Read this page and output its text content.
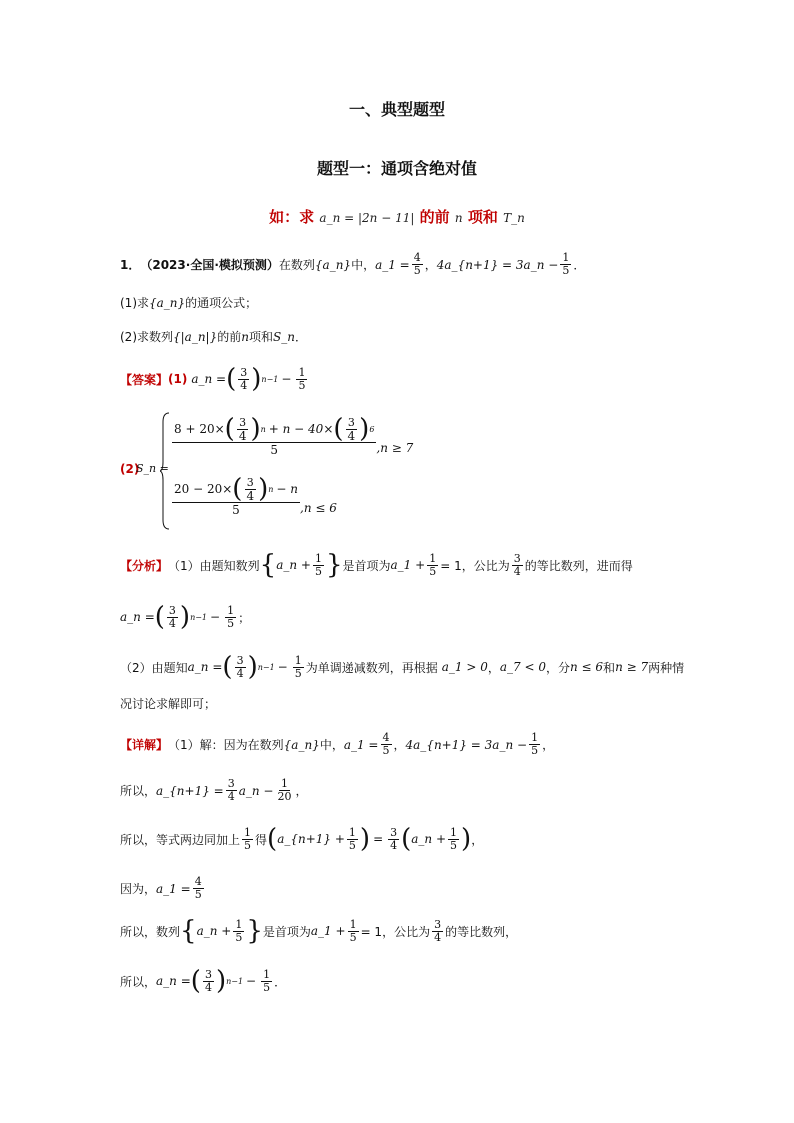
一、典型题型
题型一：通项含绝对值
如：求 a_n = |2n − 11| 的前 n 项和 T_n
1． （2023·全国·模拟预测） 在数列 {a_n} 中， a_1 = $\frac{4}{5}$ ， 4a_{n+1} = 3a_n − $\frac{1}{5}$ ．
(1)求 {a_n} 的通项公式；
(2)求数列 {|a_n|} 的前 n 项和 S_n ．
【答案】 (1) a_n = ( $\frac{3}{4}$ ) $n-1 - \frac{1}{5}$
(2)
S_n =
8 + 20× ( $\frac{3}{4}$ ) n + n − 40× ( $\frac{3}{4}$ ) 6
5	,n ≥ 7
20 − 20× ( $\frac{3}{4}$ ) n − n
5	,n ≤ 6
【分析】 （1）由题知数列 { a_n + $\frac{1}{5}$ } 是首项为 a_1 + $\frac{1}{5} = 1$，公比为 $\frac{3}{4}$ 的等比数列，进而得
a_n = ( $\frac{3}{4}$ ) $n-1 - \frac{1}{5}$ ；
（2）由题知 a_n = ( $\frac{3}{4}$ ) $n-1 - \frac{1}{5}$ 为单调递减数列，再根据 a_1 > 0 ， a_7 < 0 ，分 n ≤ 6 和 n ≥ 7 两种情
况讨论求解即可；
【详解】 （1）解：因为在数列 {a_n} 中， a_1 = $\frac{4}{5}$ ， 4a_{n+1} = 3a_n − $\frac{1}{5}$ ，
所以， a_{n+1} = $\frac{3}{4}$ a_n − $\frac{1}{20}$ ，
所以，等式两边同加上 $\frac{1}{5}$ 得 ( a_{n+1} + $\frac{1}{5}$ ) = $\frac{3}{4}$ ( a_n + $\frac{1}{5}$ ) ，
因为， a_1 = $\frac{4}{5}$
所以，数列 { a_n + $\frac{1}{5}$ } 是首项为 a_1 + $\frac{1}{5} = 1$，公比为 $\frac{3}{4}$ 的等比数列，
所以， a_n = ( $\frac{3}{4}$ ) $n-1 - \frac{1}{5}$ ．
